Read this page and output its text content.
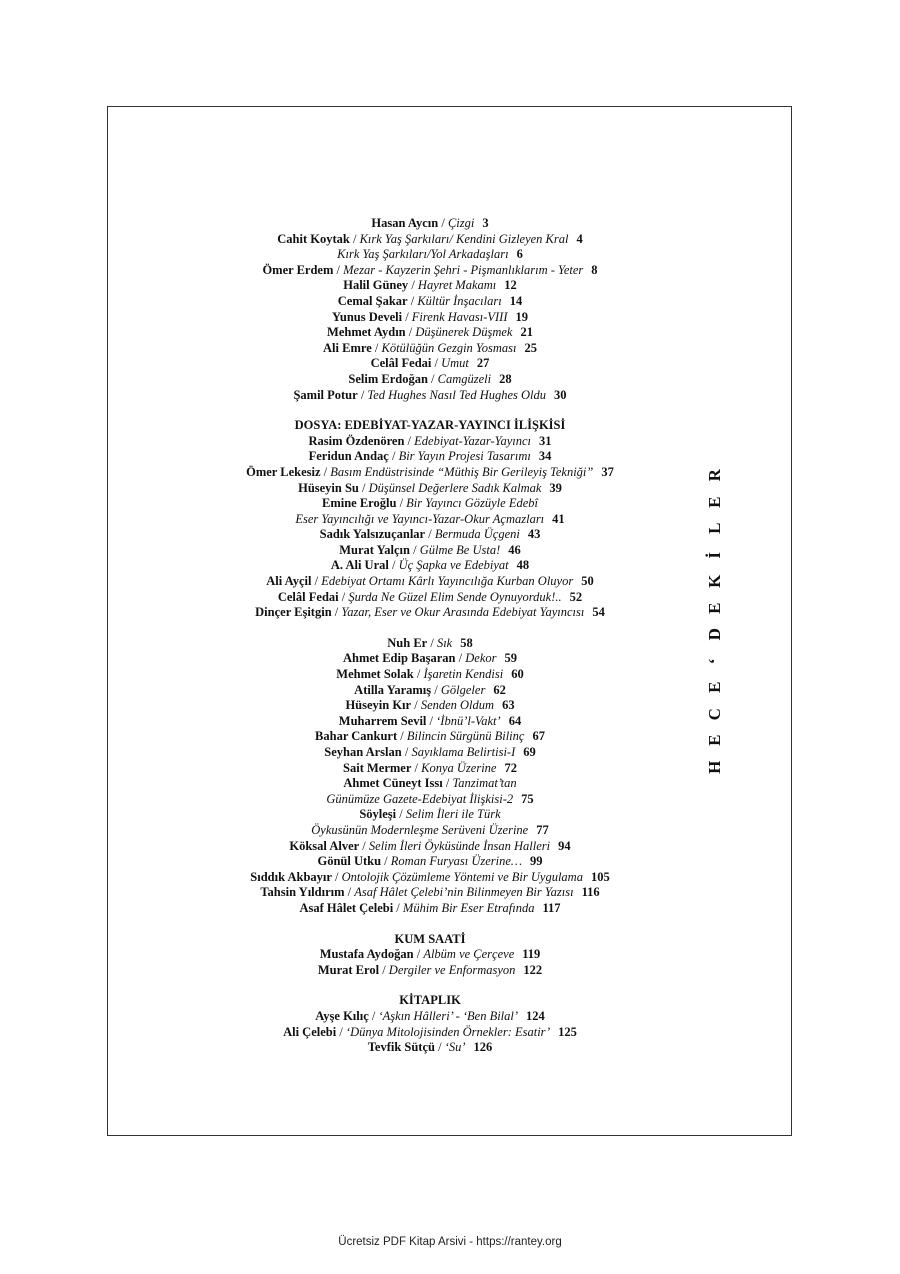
Hasan Aycın / Çizgi 3
Cahit Koytak / Kırk Yaş Şarkıları/ Kendini Gizleyen Kral 4
Kırk Yaş Şarkıları/Yol Arkadaşları 6
Ömer Erdem / Mezar - Kayzerin Şehri - Pişmanlıklarım - Yeter 8
Halil Güney / Hayret Makamı 12
Cemal Şakar / Kültür İnşacıları 14
Yunus Develi / Firenk Havası-VIII 19
Mehmet Aydın / Düşünerek Düşmek 21
Ali Emre / Kötülüğün Gezgin Yosması 25
Celâl Fedai / Umut 27
Selim Erdoğan / Camgüzeli 28
Şamil Potur / Ted Hughes Nasıl Ted Hughes Oldu 30
DOSYA: EDEBİYAT-YAZAR-YAYINCI İLİŞKİSİ
Rasim Özdenören / Edebiyat-Yazar-Yayıncı 31
Feridun Andaç / Bir Yayın Projesi Tasarımı 34
Ömer Lekesiz / Basım Endüstrisinde “Müthiş Bir Gerileyiş Tekniği” 37
Hüseyin Su / Düşünsel Değerlere Sadık Kalmak 39
Emine Eroğlu / Bir Yayıncı Gözüyle Edebî
Eser Yayıncılığı ve Yayıncı-Yazar-Okur Açmazları 41
Sadık Yalsızuçanlar / Bermuda Üçgeni 43
Murat Yalçın / Gülme Be Usta! 46
A. Ali Ural / Üç Şapka ve Edebiyat 48
Ali Ayçil / Edebiyat Ortamı Kârlı Yayıncılığa Kurban Oluyor 50
Celâl Fedai / Şurda Ne Güzel Elim Sende Oynuyorduk!.. 52
Dinçer Eşitgin / Yazar, Eser ve Okur Arasında Edebiyat Yayıncısı 54
Nuh Er / Sık 58
Ahmet Edip Başaran / Dekor 59
Mehmet Solak / İşaretin Kendisi 60
Atilla Yaramış / Gölgeler 62
Hüseyin Kır / Senden Oldum 63
Muharrem Sevil / ‘İbnü’l-Vakt’ 64
Bahar Cankurt / Bilincin Sürgünü Bilinç 67
Seyhan Arslan / Sayıklama Belirtisi-I 69
Sait Mermer / Konya Üzerine 72
Ahmet Cüneyt Issı / Tanzimat’tan
Günümüze Gazete-Edebiyat İlişkisi-2 75
Söyleşi / Selim İleri ile Türk
Öykusünün Modernleşme Serüveni Üzerine 77
Köksal Alver / Selim İleri Öyküsünde İnsan Halleri 94
Gönül Utku / Roman Furyası Üzerine… 99
Sıddık Akbayır / Ontolojik Çözümleme Yöntemi ve Bir Uygulama 105
Tahsin Yıldırım / Asaf Hâlet Çelebi’nin Bilinmeyen Bir Yazısı 116
Asaf Hâlet Çelebi / Mühim Bir Eser Etrafında 117
KUM SAATİ
Mustafa Aydoğan / Albüm ve Çerçeve 119
Murat Erol / Dergiler ve Enformasyon 122
KİTAPLIK
Ayşe Kılıç / ‘Aşkın Hâlleri’ - ‘Ben Bilal’ 124
Ali Çelebi / ‘Dünya Mitolojisinden Örnekler: Esatir’ 125
Tevfik Sütçü / ‘Su’ 126
R
E
L
İ
K
E
D
‘
E
C
E
H
Ücretsiz PDF Kitap Arsivi - https://rantey.org
